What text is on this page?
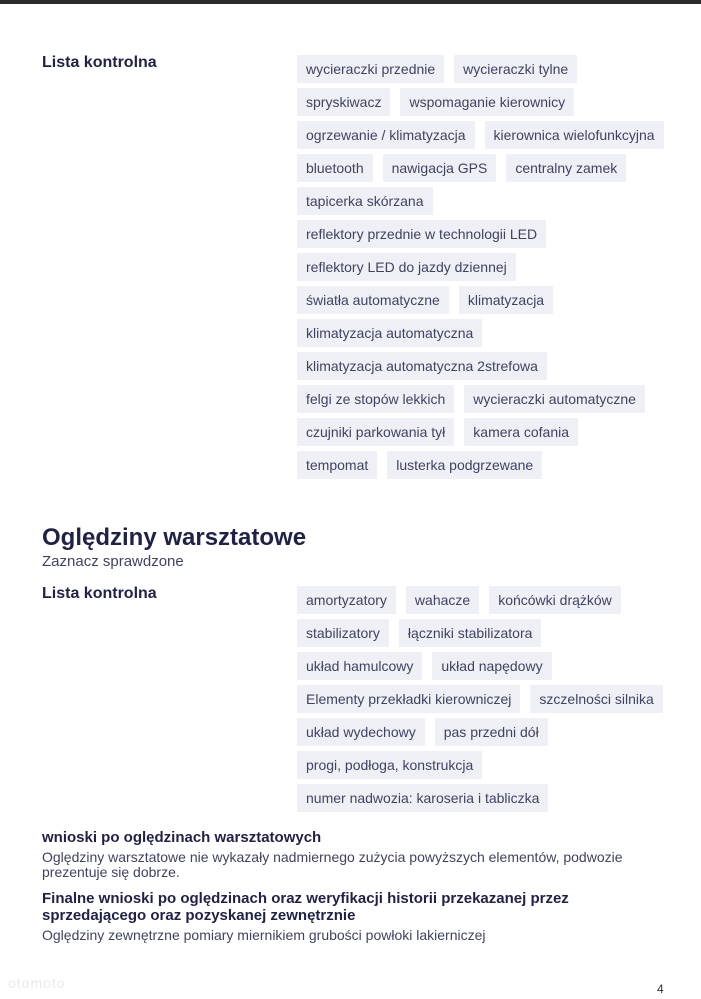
Lista kontrolna	wycieraczki przednie	wycieraczki tylne
spryskiwacz	wspomaganie kierownicy
ogrzewanie / klimatyzacja	kierownica wielofunkcyjna
bluetooth	nawigacja GPS	centralny zamek
tapicerka skórzana
reflektory przednie w technologii LED
reflektory LED do jazdy dziennej
światła automatyczne	klimatyzacja
klimatyzacja automatyczna
klimatyzacja automatyczna 2strefowa
felgi ze stopów lekkich	wycieraczki automatyczne
czujniki parkowania tył	kamera cofania
tempomat	lusterka podgrzewane
Oględziny warsztatowe
Zaznacz sprawdzone
Lista kontrolna	amortyzatory	wahacze	końcówki drążków
stabilizatory	łączniki stabilizatora
układ hamulcowy	układ napędowy
Elementy przekładki kierowniczej	szczelności silnika
układ wydechowy	pas przedni dół
progi, podłoga, konstrukcja
numer nadwozia: karoseria i tabliczka
wnioski po oględzinach warsztatowych
Oględziny warsztatowe nie wykazały nadmiernego zużycia powyższych elementów, podwozie prezentuje się dobrze.
Finalne wnioski po oględzinach oraz weryfikacji historii przekazanej przez sprzedającego oraz pozyskanej zewnętrznie
Oględziny zewnętrzne pomiary miernikiem grubości powłoki lakierniczej
otomoto	4
